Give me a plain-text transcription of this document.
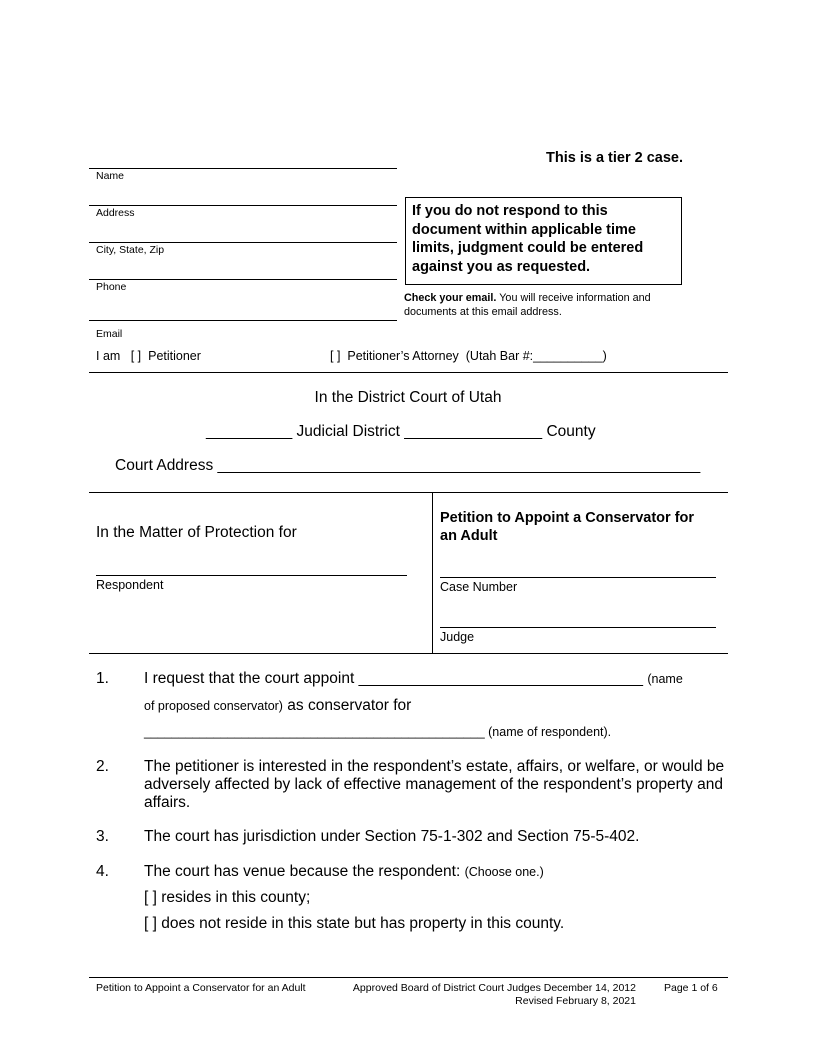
This is a tier 2 case.
Name
Address
City, State, Zip
Phone
Email
If you do not respond to this document within applicable time limits, judgment could be entered against you as requested.
Check your email. You will receive information and documents at this email address.
I am [ ] Petitioner	[ ] Petitioner’s Attorney (Utah Bar #:__________)
In the District Court of Utah
__________ Judicial District ________________ County
Court Address ________________________________________________________
In the Matter of Protection for
Respondent
Petition to Appoint a Conservator for an Adult
Case Number
Judge
1. I request that the court appoint _________________________________ (name
of proposed conservator) as conservator for
_________________________________________________ (name of respondent).
2. The petitioner is interested in the respondent’s estate, affairs, or welfare, or would be adversely affected by lack of effective management of the respondent’s property and affairs.
3. The court has jurisdiction under Section 75-1-302 and Section 75-5-402.
4. The court has venue because the respondent: (Choose one.)
[ ] resides in this county;
[ ] does not reside in this state but has property in this county.
Petition to Appoint a Conservator for an Adult	Approved Board of District Court Judges December 14, 2012
Revised February 8, 2021
Page 1 of 6
